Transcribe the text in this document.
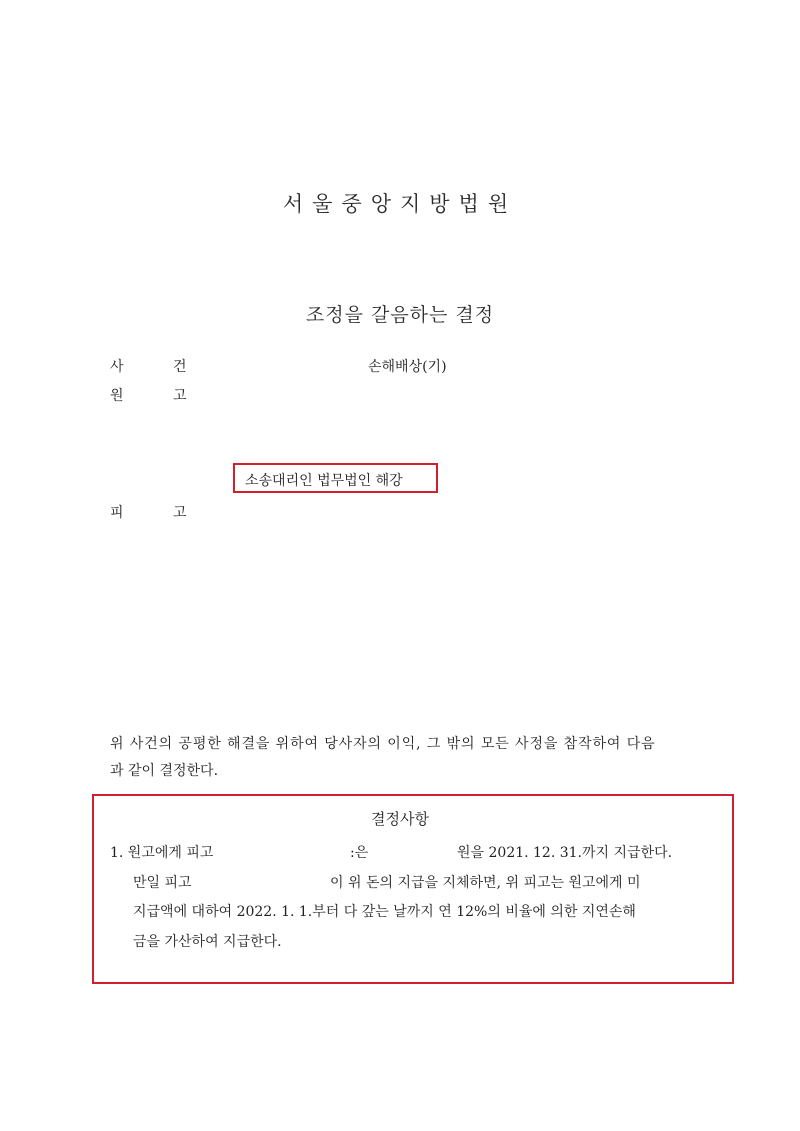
서울중앙지방법원
조정을 갈음하는 결정
사	건	손해배상(기)
원	고
소송대리인 법무법인 해강
피	고
위 사건의 공평한 해결을 위하여 당사자의 이익, 그 밖의 모든 사정을 참작하여 다음
과 같이 결정한다.
결정사항
1. 원고에게 피고	:은	원을 2021. 12. 31.까지 지급한다.
만일 피고	이 위 돈의 지급을 지체하면, 위 피고는 원고에게 미
지급액에 대하여 2022. 1. 1.부터 다 갚는 날까지 연 12%의 비율에 의한 지연손해
금을 가산하여 지급한다.
